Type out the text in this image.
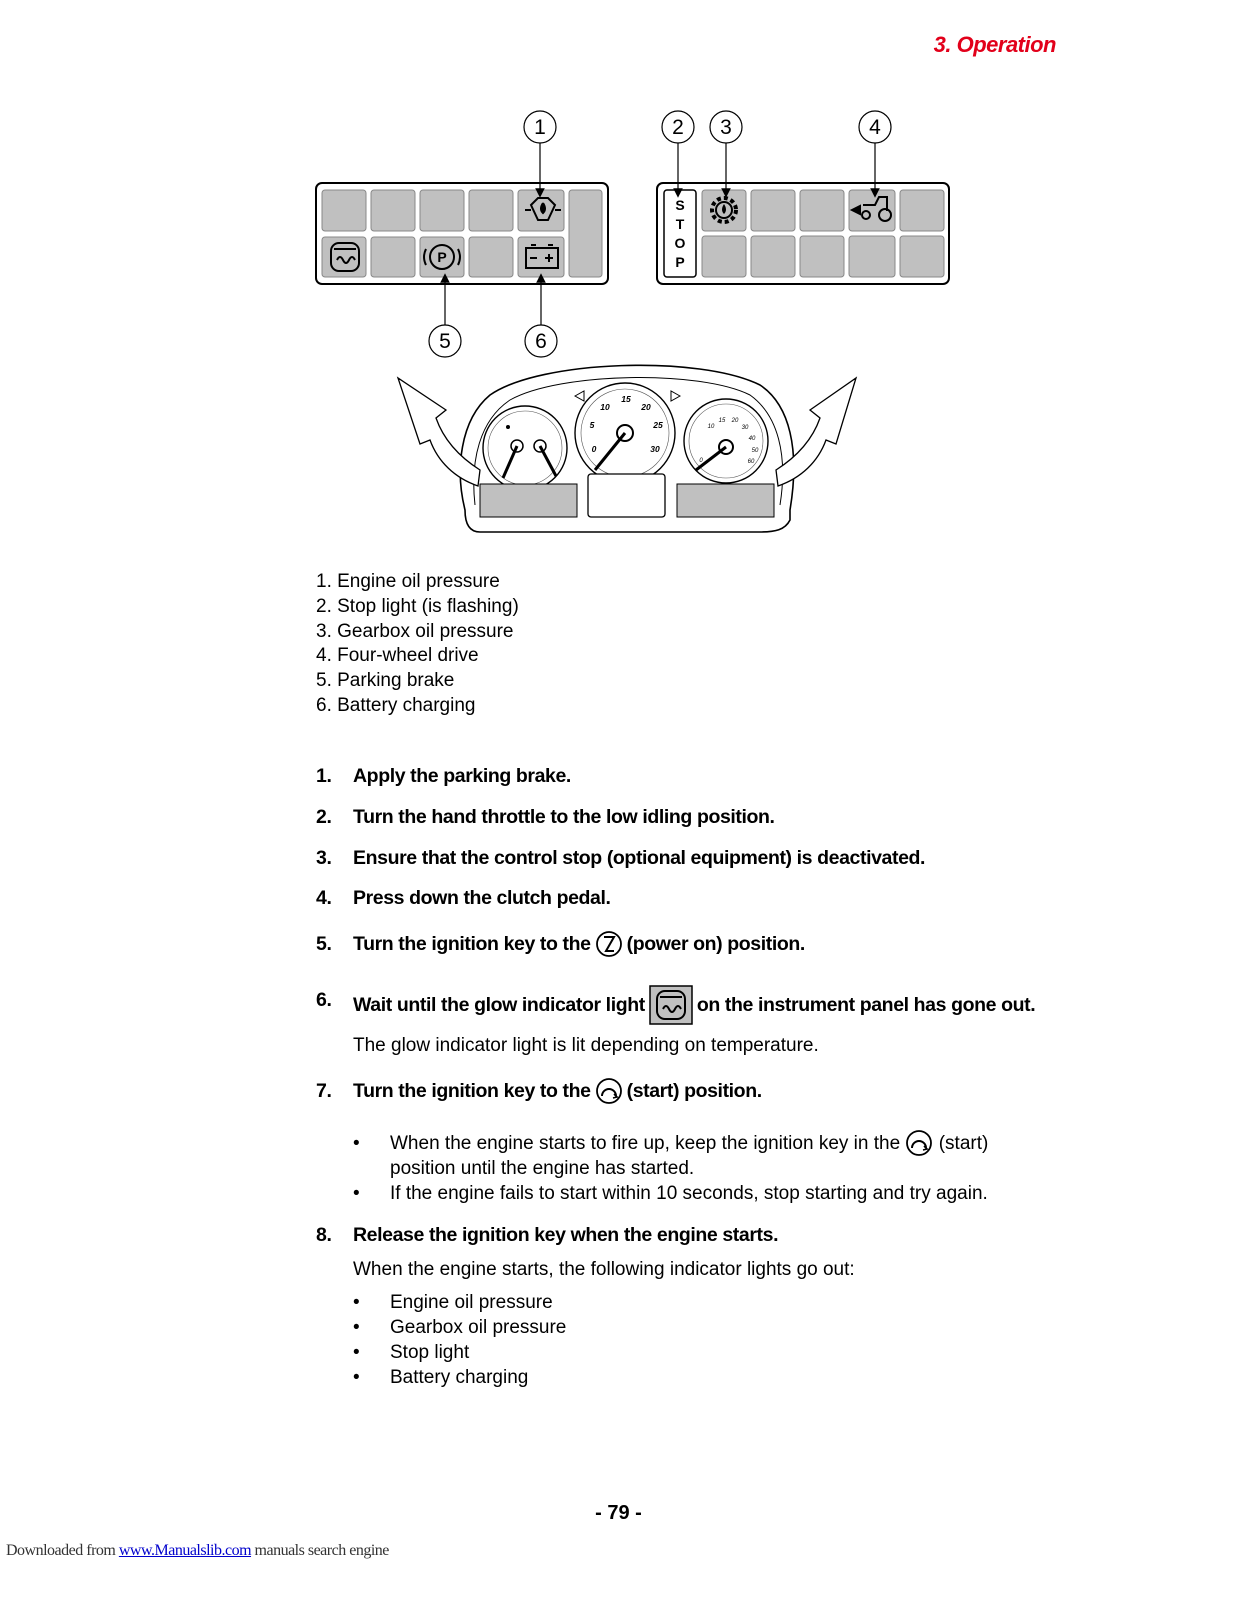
3. Operation
P
S
T
O
P
1	2 3	4
5	6
0
5
10
15
20
25
30
0
10
15 20
30
40
50
60
1. Engine oil pressure
2. Stop light (is flashing)
3. Gearbox oil pressure
4. Four-wheel drive
5. Parking brake
6. Battery charging
1. Apply the parking brake.
2. Turn the hand throttle to the low idling position.
3. Ensure that the control stop (optional equipment) is deactivated.
4. Press down the clutch pedal.
5. Turn the ignition key to the (power on) position.
6. Wait until the glow indicator light	on the instrument panel has gone out.
The glow indicator light is lit depending on temperature.
7. Turn the ignition key to the (start) position.
• When the engine starts to fire up, keep the ignition key in the (start)
position until the engine has started.
• If the engine fails to start within 10 seconds, stop starting and try again.
8. Release the ignition key when the engine starts.
When the engine starts, the following indicator lights go out:
• Engine oil pressure
• Gearbox oil pressure
• Stop light
• Battery charging
- 79 -
Downloaded from www.Manualslib.com manuals search engine
